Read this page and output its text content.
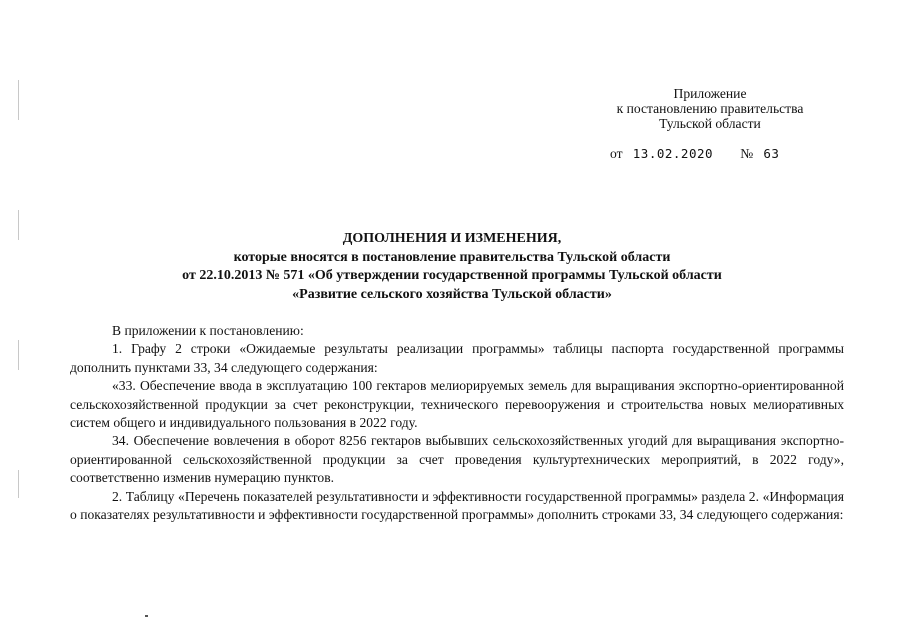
Приложение
к постановлению правительства
Тульской области
от 13.02.2020 № 63
ДОПОЛНЕНИЯ И ИЗМЕНЕНИЯ,
которые вносятся в постановление правительства Тульской области
от 22.10.2013 № 571 «Об утверждении государственной программы Тульской области
«Развитие сельского хозяйства Тульской области»

В приложении к постановлению:

1. Графу 2 строки «Ожидаемые результаты реализации программы» таблицы паспорта государственной программы дополнить пунктами 33, 34 следующего содержания:

«33. Обеспечение ввода в эксплуатацию 100 гектаров мелиорируемых земель для выращивания экспортно-ориентированной сельскохозяйственной продукции за счет реконструкции, технического перевооружения и строительства новых мелиоративных систем общего и индивидуального пользования в 2022 году.

34. Обеспечение вовлечения в оборот 8256 гектаров выбывших сельскохозяйственных угодий для выращивания экспортно-ориентированной сельскохозяйственной продукции за счет проведения культуртехнических мероприятий, в 2022 году», соответственно изменив нумерацию пунктов.

2. Таблицу «Перечень показателей результативности и эффективности государственной программы» раздела 2. «Информация о показателях результативности и эффективности государственной программы» дополнить строками 33, 34 следующего содержания:
